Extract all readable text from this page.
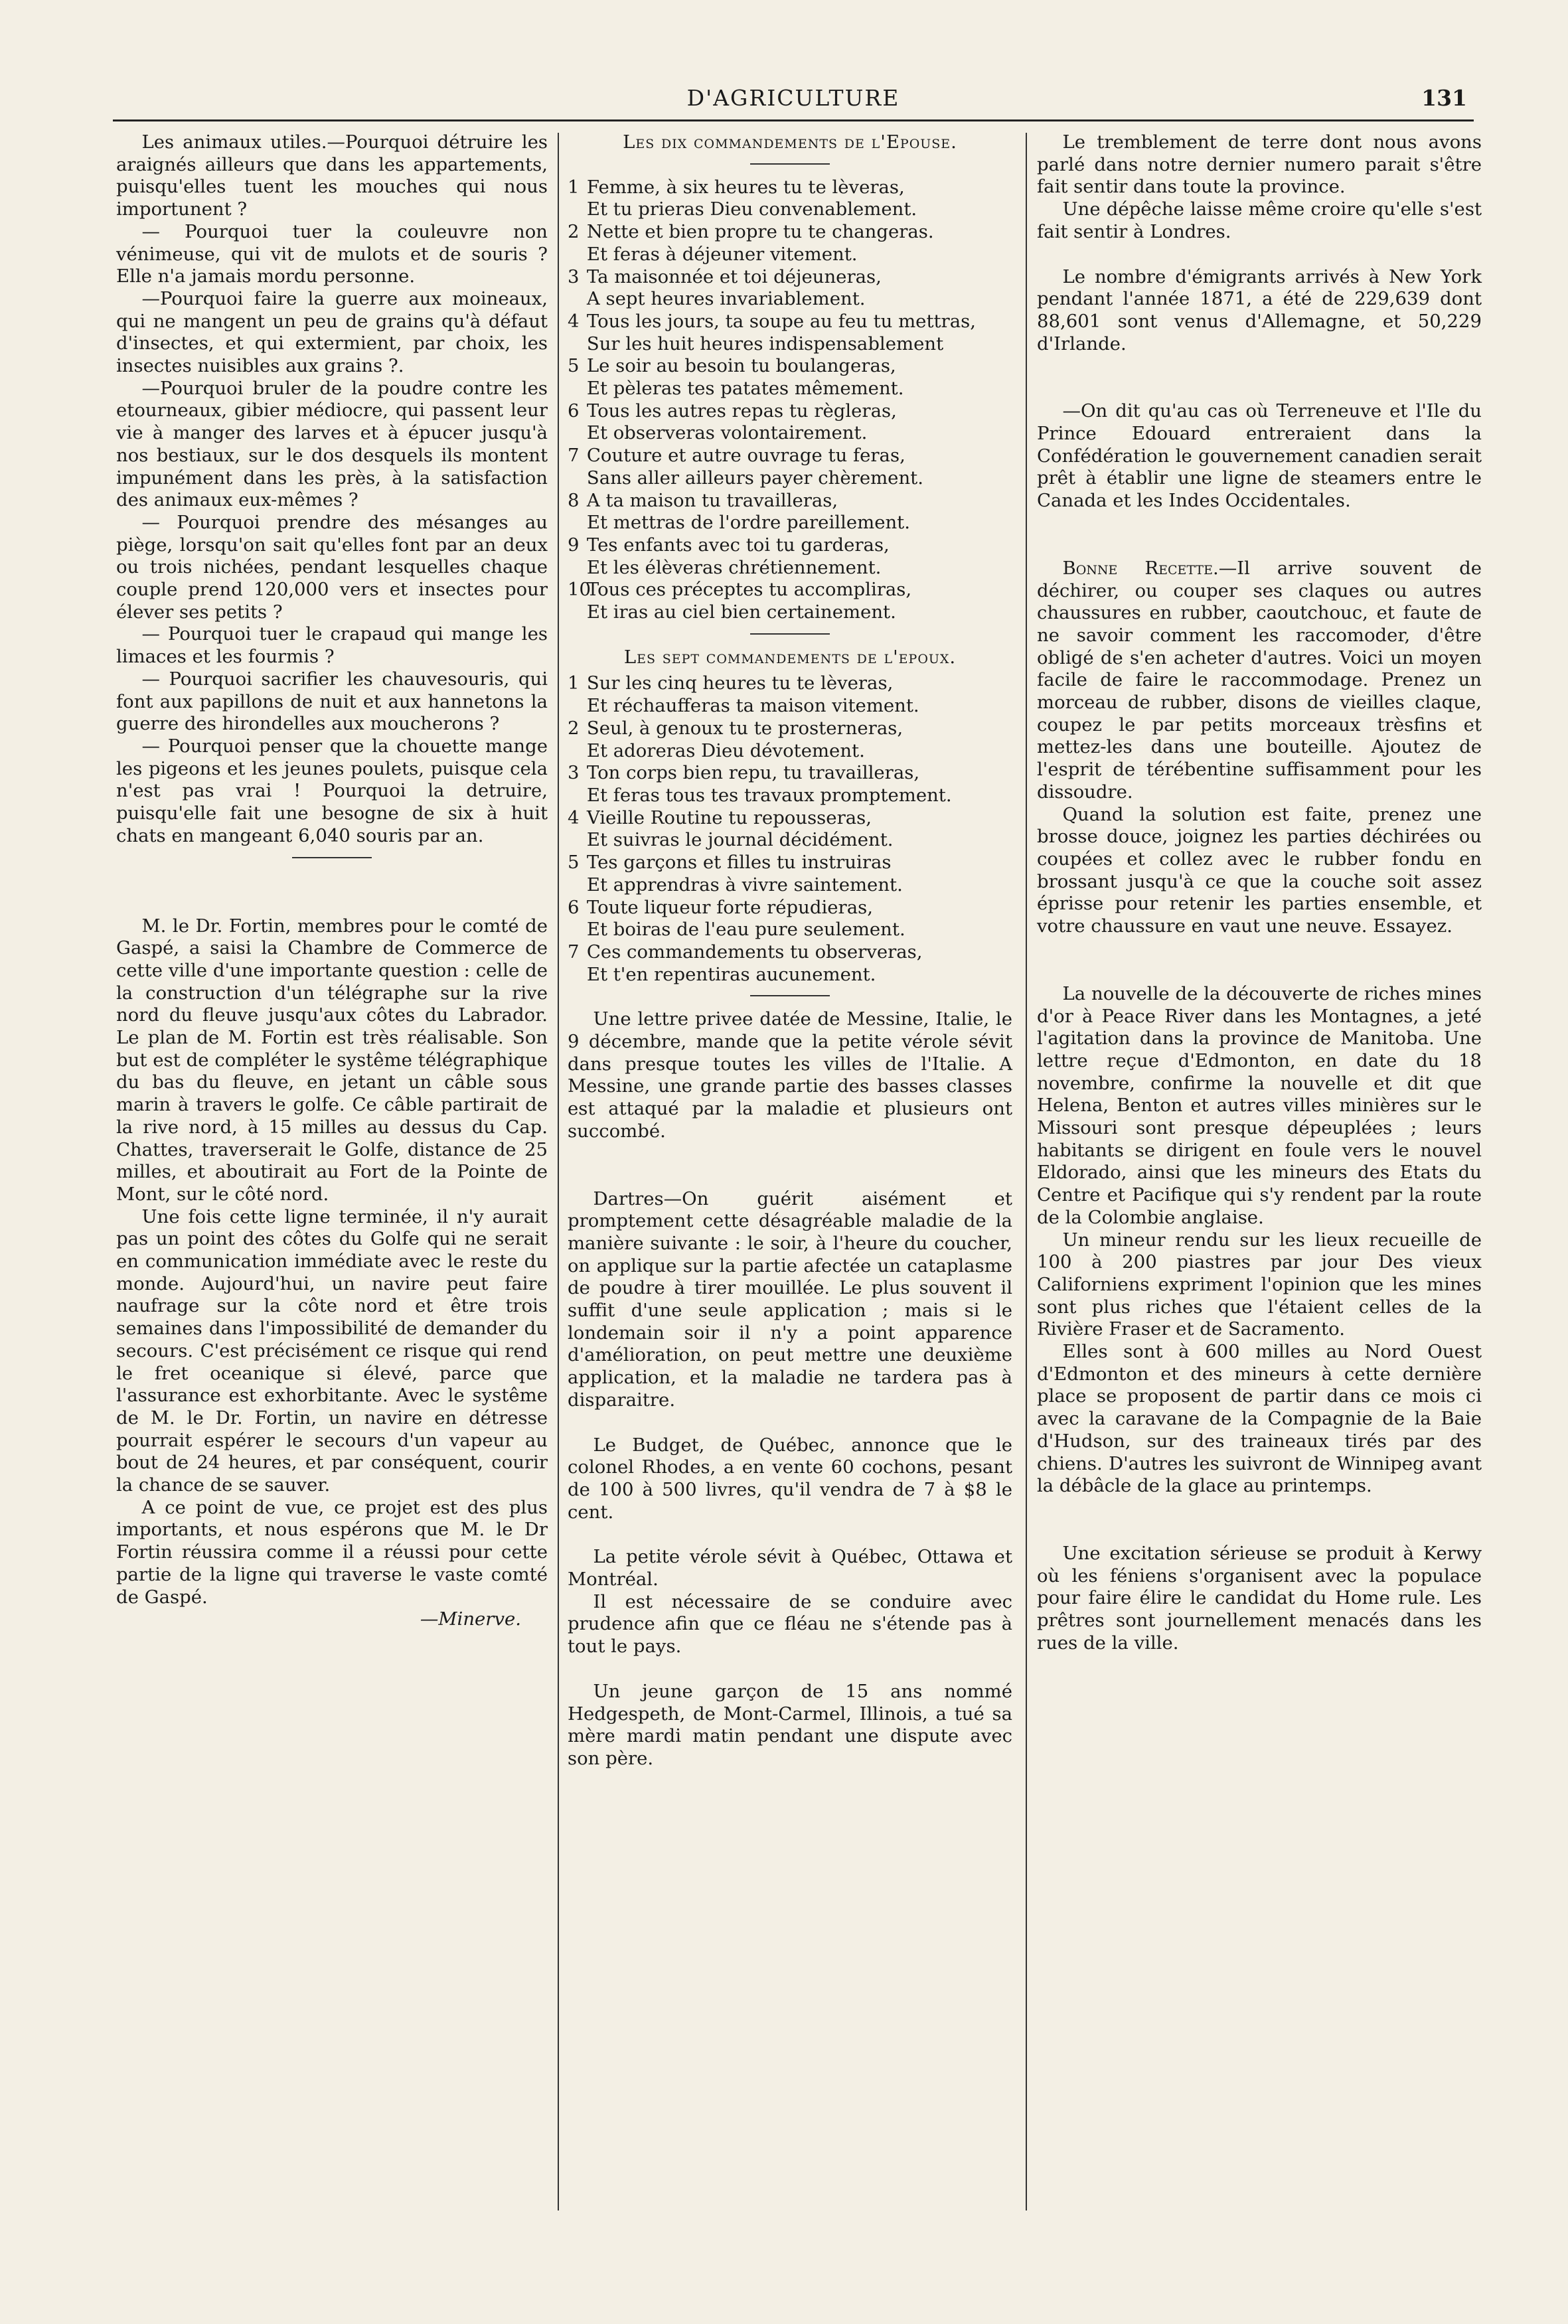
D'AGRICULTURE	131

Les animaux utiles.—Pourquoi détruire les araignés ailleurs que dans les appartements, puisqu'elles tuent les mouches qui nous importunent ?

— Pourquoi tuer la couleuvre non vénimeuse, qui vit de mulots et de souris ? Elle n'a jamais mordu personne.

—Pourquoi faire la guerre aux moineaux, qui ne mangent un peu de grains qu'à défaut d'insectes, et qui extermient, par choix, les insectes nuisibles aux grains ?.

—Pourquoi bruler de la poudre contre les etourneaux, gibier médiocre, qui passent leur vie à manger des larves et à épucer jusqu'à nos bestiaux, sur le dos desquels ils montent impunément dans les près, à la satisfaction des animaux eux-mêmes ?

— Pourquoi prendre des mésanges au piège, lorsqu'on sait qu'elles font par an deux ou trois nichées, pendant lesquelles chaque couple prend 120,000 vers et insectes pour élever ses petits ?

— Pourquoi tuer le crapaud qui mange les limaces et les fourmis ?

— Pourquoi sacrifier les chauvesouris, qui font aux papillons de nuit et aux hannetons la guerre des hirondelles aux moucherons ?

— Pourquoi penser que la chouette mange les pigeons et les jeunes poulets, puisque cela n'est pas vrai ! Pourquoi la detruire, puisqu'elle fait une besogne de six à huit chats en mangeant 6,040 souris par an.

M. le Dr. Fortin, membres pour le comté de Gaspé, a saisi la Chambre de Commerce de cette ville d'une importante question : celle de la construction d'un télégraphe sur la rive nord du fleuve jusqu'aux côtes du Labrador. Le plan de M. Fortin est très réalisable. Son but est de compléter le systême télégraphique du bas du fleuve, en jetant un câble sous marin à travers le golfe. Ce câble partirait de la rive nord, à 15 milles au dessus du Cap. Chattes, traverserait le Golfe, distance de 25 milles, et aboutirait au Fort de la Pointe de Mont, sur le côté nord.

Une fois cette ligne terminée, il n'y aurait pas un point des côtes du Golfe qui ne serait en communication immédiate avec le reste du monde. Aujourd'hui, un navire peut faire naufrage sur la côte nord et être trois semaines dans l'impossibilité de demander du secours. C'est précisément ce risque qui rend le fret oceanique si élevé, parce que l'assurance est exhorbitante. Avec le systême de M. le Dr. Fortin, un navire en détresse pourrait espérer le secours d'un vapeur au bout de 24 heures, et par conséquent, courir la chance de se sauver.

A ce point de vue, ce projet est des plus importants, et nous espérons que M. le Dr Fortin réussira comme il a réussi pour cette partie de la ligne qui traverse le vaste comté de Gaspé.

—Minerve.

Les dix commandements de l'Epouse.

1 Femme, à six heures tu te lèveras,
Et tu prieras Dieu convenablement.
2 Nette et bien propre tu te changeras.
Et feras à déjeuner vitement.
3 Ta maisonnée et toi déjeuneras,
A sept heures invariablement.
4 Tous les jours, ta soupe au feu tu mettras,
Sur les huit heures indispensablement
5 Le soir au besoin tu boulangeras,
Et pèleras tes patates mêmement.
6 Tous les autres repas tu règleras,
Et observeras volontairement.
7 Couture et autre ouvrage tu feras,
Sans aller ailleurs payer chèrement.
8 A ta maison tu travailleras,
Et mettras de l'ordre pareillement.
9 Tes enfants avec toi tu garderas,
Et les élèveras chrétiennement.
10Tous ces préceptes tu accompliras,
Et iras au ciel bien certainement.

Les sept commandements de l'epoux.

1 Sur les cinq heures tu te lèveras,
Et réchaufferas ta maison vitement.
2 Seul, à genoux tu te prosterneras,
Et adoreras Dieu dévotement.
3 Ton corps bien repu, tu travailleras,
Et feras tous tes travaux promptement.
4 Vieille Routine tu repousseras,
Et suivras le journal décidément.
5 Tes garçons et filles tu instruiras
Et apprendras à vivre saintement.
6 Toute liqueur forte répudieras,
Et boiras de l'eau pure seulement.
7 Ces commandements tu observeras,
Et t'en repentiras aucunement.

Une lettre privee datée de Messine, Italie, le 9 décembre, mande que la petite vérole sévit dans presque toutes les villes de l'Italie. A Messine, une grande partie des basses classes est attaqué par la maladie et plusieurs ont succombé.

Dartres—On guérit aisément et promptement cette désagréable maladie de la manière suivante : le soir, à l'heure du coucher, on applique sur la partie afectée un cataplasme de poudre à tirer mouillée. Le plus souvent il suffit d'une seule application ; mais si le londemain soir il n'y a point apparence d'amélioration, on peut mettre une deuxième application, et la maladie ne tardera pas à disparaitre.

Le Budget, de Québec, annonce que le colonel Rhodes, a en vente 60 cochons, pesant de 100 à 500 livres, qu'il vendra de 7 à $8 le cent.

La petite vérole sévit à Québec, Ottawa et Montréal.

Il est nécessaire de se conduire avec prudence afin que ce fléau ne s'étende pas à tout le pays.

Un jeune garçon de 15 ans nommé Hedgespeth, de Mont-Carmel, Illinois, a tué sa mère mardi matin pendant une dispute avec son père.

Le tremblement de terre dont nous avons parlé dans notre dernier numero parait s'être fait sentir dans toute la province.

Une dépêche laisse même croire qu'elle s'est fait sentir à Londres.

Le nombre d'émigrants arrivés à New York pendant l'année 1871, a été de 229,639 dont 88,601 sont venus d'Allemagne, et 50,229 d'Irlande.

—On dit qu'au cas où Terreneuve et l'Ile du Prince Edouard entreraient dans la Confédération le gouvernement canadien serait prêt à établir une ligne de steamers entre le Canada et les Indes Occidentales.

Bonne Recette.—Il arrive souvent de déchirer, ou couper ses claques ou autres chaussures en rubber, caoutchouc, et faute de ne savoir comment les raccomoder, d'être obligé de s'en acheter d'autres. Voici un moyen facile de faire le raccommodage. Prenez un morceau de rubber, disons de vieilles claque, coupez le par petits morceaux trèsfins et mettez-les dans une bouteille. Ajoutez de l'esprit de térébentine suffisamment pour les dissoudre.

Quand la solution est faite, prenez une brosse douce, joignez les parties déchirées ou coupées et collez avec le rubber fondu en brossant jusqu'à ce que la couche soit assez éprisse pour retenir les parties ensemble, et votre chaussure en vaut une neuve. Essayez.

La nouvelle de la découverte de riches mines d'or à Peace River dans les Montagnes, a jeté l'agitation dans la province de Manitoba. Une lettre reçue d'Edmonton, en date du 18 novembre, confirme la nouvelle et dit que Helena, Benton et autres villes minières sur le Missouri sont presque dépeuplées ; leurs habitants se dirigent en foule vers le nouvel Eldorado, ainsi que les mineurs des Etats du Centre et Pacifique qui s'y rendent par la route de la Colombie anglaise.

Un mineur rendu sur les lieux recueille de 100 à 200 piastres par jour Des vieux Californiens expriment l'opinion que les mines sont plus riches que l'étaient celles de la Rivière Fraser et de Sacramento.

Elles sont à 600 milles au Nord Ouest d'Edmonton et des mineurs à cette dernière place se proposent de partir dans ce mois ci avec la caravane de la Compagnie de la Baie d'Hudson, sur des traineaux tirés par des chiens. D'autres les suivront de Winnipeg avant la débâcle de la glace au printemps.

Une excitation sérieuse se produit à Kerwy où les féniens s'organisent avec la populace pour faire élire le candidat du Home rule. Les prêtres sont journellement menacés dans les rues de la ville.
